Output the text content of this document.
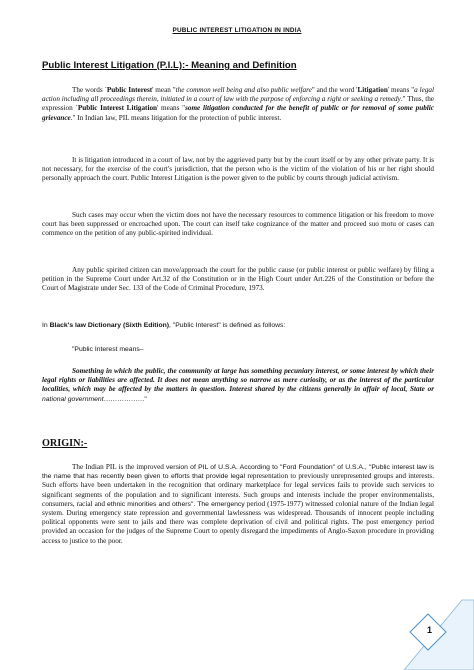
PUBLIC INTEREST LITIGATION IN INDIA
Public Interest Litigation (P.I.L):- Meaning and Definition

The words `Public Interest' mean "the common well being and also public welfare" and the word 'Litigation' means "a legal action including all proceedings therein, initiated in a court of law with the purpose of enforcing a right or seeking a remedy." Thus, the expression `Public Interest Litigation' means "some litigation conducted for the benefit of public or for removal of some public grievance." In Indian law, PIL means litigation for the protection of public interest.

It is litigation introduced in a court of law, not by the aggrieved party but by the court itself or by any other private party. It is not necessary, for the exercise of the court's jurisdiction, that the person who is the victim of the violation of his or her right should personally approach the court. Public Interest Litigation is the power given to the public by courts through judicial activism.

Such cases may occur when the victim does not have the necessary resources to commence litigation or his freedom to move court has been suppressed or encroached upon. The court can itself take cognizance of the matter and proceed suo motu or cases can commence on the petition of any public-spirited individual.

Any public spirited citizen can move/approach the court for the public cause (or public interest or public welfare) by filing a petition in the Supreme Court under Art.32 of the Constitution or in the High Court under Art.226 of the Constitution or before the Court of Magistrate under Sec. 133 of the Code of Criminal Procedure, 1973.

In Black's law Dictionary (Sixth Edition), "Public Interest" is defined as follows:

"Public Interest means–

Something in which the public, the community at large has something pecuniary interest, or some interest by which their legal rights or liabilities are affected. It does not mean anything so narrow as mere curiosity, or as the interest of the particular localities, which may be affected by the matters in question. Interest shared by the citizens generally in affair of local, State or national government………………"

ORIGIN:-

The Indian PIL is the improved version of PIL of U.S.A. According to "Ford Foundation" of U.S.A., "Public interest law is the name that has recently been given to efforts that provide legal representation to previously unrepresented groups and interests. Such efforts have been undertaken in the recognition that ordinary marketplace for legal services fails to provide such services to significant segments of the population and to significant interests. Such groups and interests include the proper environmentalists, consumers, racial and ethnic minorities and others". The emergency period (1975-1977) witnessed colonial nature of the Indian legal system. During emergency state repression and governmental lawlessness was widespread. Thousands of innocent people including political opponents were sent to jails and there was complete deprivation of civil and political rights. The post emergency period provided an occasion for the judges of the Supreme Court to openly disregard the impediments of Anglo-Saxon procedure in providing access to justice to the poor.

1
